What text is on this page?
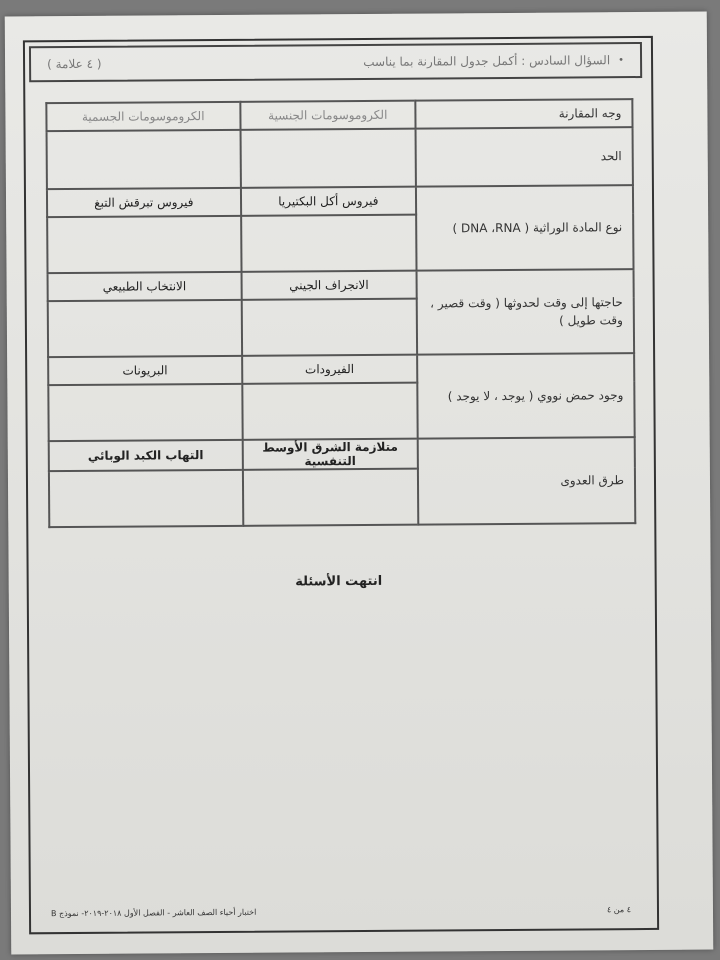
•
السؤال السادس : أكمل جدول المقارنة بما يناسب
( ٤ علامة )
وجه المقارنة	الكروموسومات الجنسية	الكروموسومات الجسمية
الحد		
نوع المادة الوراثية ( DNA ،RNA )	فيروس أكل البكتيريا	فيروس تبرقش التبغ

حاجتها إلى وقت لحدوثها ( وقت قصير ، وقت طويل )	الانجراف الجيني	الانتخاب الطبيعي

وجود حمض نووي ( يوجد ، لا يوجد )	الفيرودات	البريونات

طرق العدوى	متلازمة الشرق الأوسط التنفسية	التهاب الكبد الوبائي

انتهت الأسئلة
٤ من ٤
اختبار أحياء الصف العاشر - الفصل الأول ٢٠١٨-٢٠١٩- نموذج B
